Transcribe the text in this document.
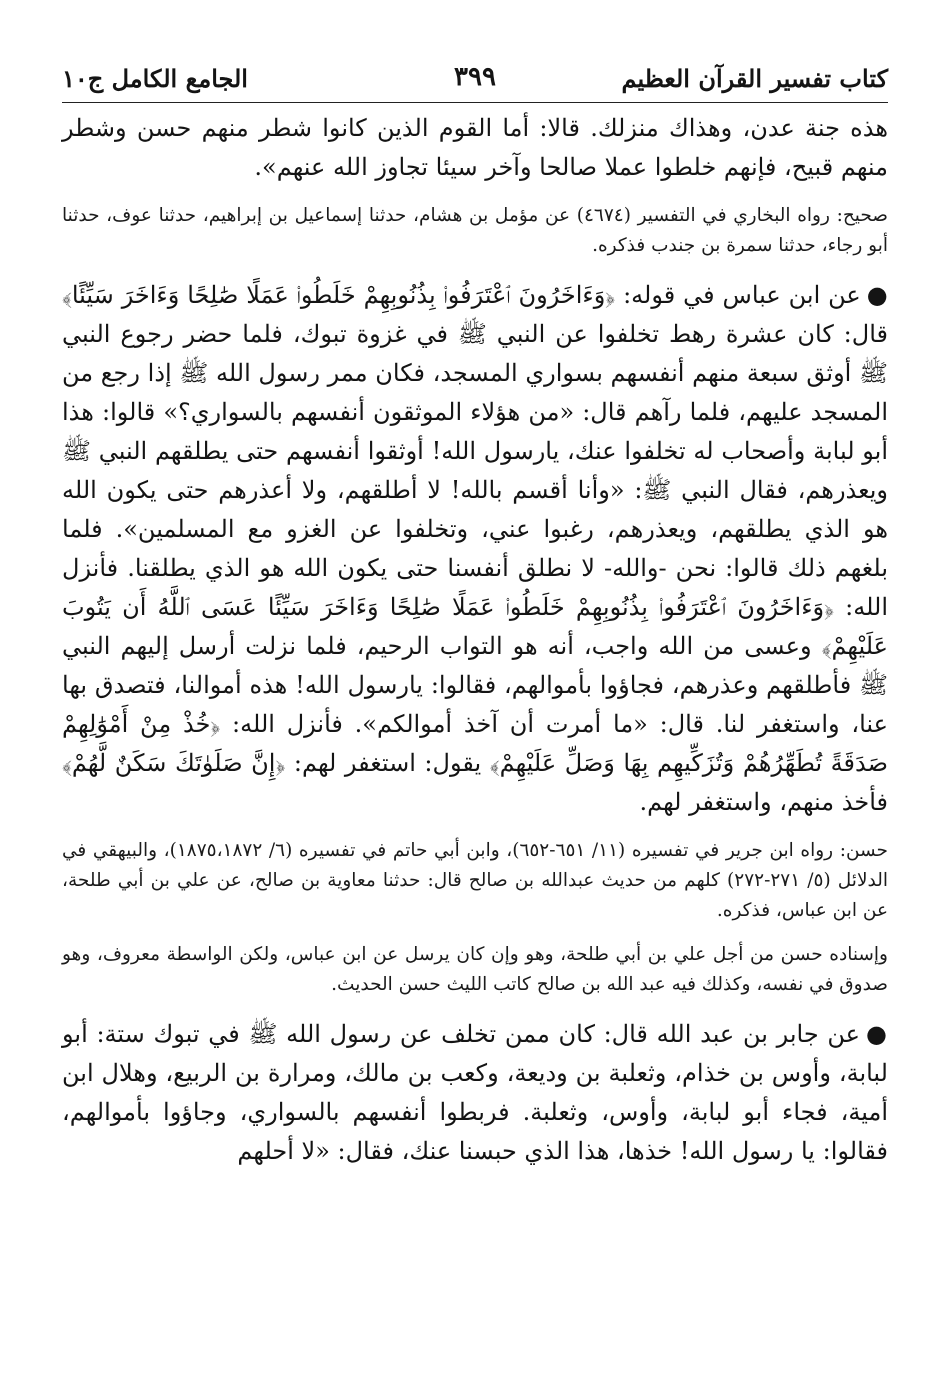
كتاب تفسير القرآن العظيم
٣٩٩
الجامع الكامل ج١٠

هذه جنة عدن، وهذاك منزلك. قالا: أما القوم الذين كانوا شطر منهم حسن وشطر منهم قبيح، فإنهم خلطوا عملا صالحا وآخر سيئا تجاوز الله عنهم».

صحيح: رواه البخاري في التفسير (٤٦٧٤) عن مؤمل بن هشام، حدثنا إسماعيل بن إبراهيم، حدثنا عوف، حدثنا أبو رجاء، حدثنا سمرة بن جندب فذكره.

●عن ابن عباس في قوله: ﴿وَءَاخَرُونَ ٱعْتَرَفُوا۟ بِذُنُوبِهِمْ خَلَطُوا۟ عَمَلًا صَٰلِحًا وَءَاخَرَ سَيِّئًا﴾ قال: كان عشرة رهط تخلفوا عن النبي ﷺ في غزوة تبوك، فلما حضر رجوع النبي ﷺ أوثق سبعة منهم أنفسهم بسواري المسجد، فكان ممر رسول الله ﷺ إذا رجع من المسجد عليهم، فلما رآهم قال: «من هؤلاء الموثقون أنفسهم بالسواري؟» قالوا: هذا أبو لبابة وأصحاب له تخلفوا عنك، يارسول الله! أوثقوا أنفسهم حتى يطلقهم النبي ﷺ ويعذرهم، فقال النبي ﷺ: «وأنا أقسم بالله! لا أطلقهم، ولا أعذرهم حتى يكون الله هو الذي يطلقهم، ويعذرهم، رغبوا عني، وتخلفوا عن الغزو مع المسلمين». فلما بلغهم ذلك قالوا: نحن -والله- لا نطلق أنفسنا حتى يكون الله هو الذي يطلقنا. فأنزل الله: ﴿وَءَاخَرُونَ ٱعْتَرَفُوا۟ بِذُنُوبِهِمْ خَلَطُوا۟ عَمَلًا صَٰلِحًا وَءَاخَرَ سَيِّئًا عَسَى ٱللَّهُ أَن يَتُوبَ عَلَيْهِمْ﴾ وعسى من الله واجب، أنه هو التواب الرحيم، فلما نزلت أرسل إليهم النبي ﷺ فأطلقهم وعذرهم، فجاؤوا بأموالهم، فقالوا: يارسول الله! هذه أموالنا، فتصدق بها عنا، واستغفر لنا. قال: «ما أمرت أن آخذ أموالكم». فأنزل الله: ﴿خُذْ مِنْ أَمْوَٰلِهِمْ صَدَقَةً تُطَهِّرُهُمْ وَتُزَكِّيهِم بِهَا وَصَلِّ عَلَيْهِمْ﴾ يقول: استغفر لهم: ﴿إِنَّ صَلَوٰتَكَ سَكَنٌ لَّهُمْ﴾ فأخذ منهم، واستغفر لهم.

حسن: رواه ابن جرير في تفسيره (١١/ ٦٥١-٦٥٢)، وابن أبي حاتم في تفسيره (٦/ ١٨٧٥،١٨٧٢)، والبيهقي في الدلائل (٥/ ٢٧١-٢٧٢) كلهم من حديث عبدالله بن صالح قال: حدثنا معاوية بن صالح، عن علي بن أبي طلحة، عن ابن عباس، فذكره.

وإسناده حسن من أجل علي بن أبي طلحة، وهو وإن كان يرسل عن ابن عباس، ولكن الواسطة معروف، وهو صدوق في نفسه، وكذلك فيه عبد الله بن صالح كاتب الليث حسن الحديث.

●عن جابر بن عبد الله قال: كان ممن تخلف عن رسول الله ﷺ في تبوك ستة: أبو لبابة، وأوس بن خذام، وثعلبة بن وديعة، وكعب بن مالك، ومرارة بن الربيع، وهلال ابن أمية، فجاء أبو لبابة، وأوس، وثعلبة. فربطوا أنفسهم بالسواري، وجاؤوا بأموالهم، فقالوا: يا رسول الله! خذها، هذا الذي حبسنا عنك، فقال: «لا أحلهم
